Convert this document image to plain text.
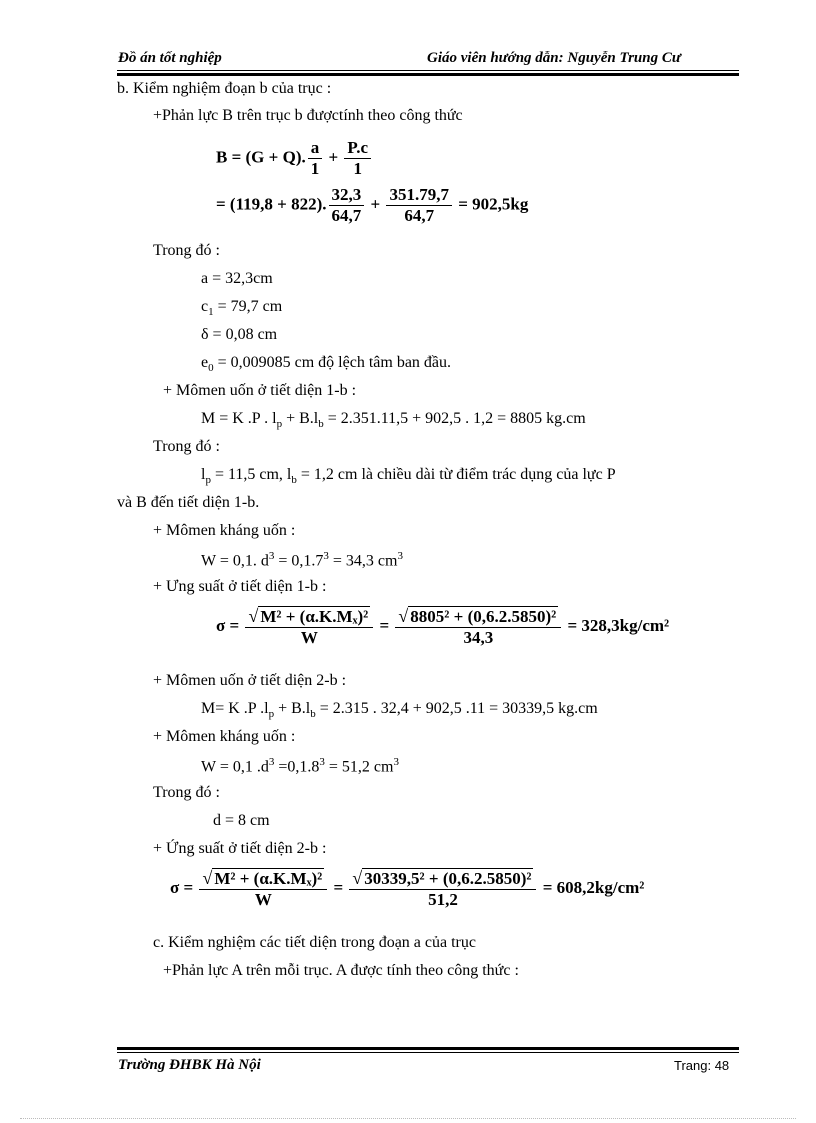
Đồ án tốt nghiệp	Giáo viên hướng dẫn: Nguyễn Trung Cư
b. Kiểm nghiệm đoạn b của trục :
+Phản lực B trên trục b đượctính theo công thức
B = (G + Q). $\frac{a}{1} + \frac{P.c}{1}$
= (119,8 + 822). $\frac{32,3}{64,7} + \frac{351.79,7}{64,7} = 902,5kg$
Trong đó :
a = 32,3cm
$c_1 = 79,7$ cm
δ = 0,08 cm
$e_0 = 0,009085$ cm độ lệch tâm ban đầu.
+ Mômen uốn ở tiết diện 1-b :
M = K .P . $l_p + B.l_b = 2.351.11,5 + 902,5$ . 1,2 = 8805 kg.cm
Trong đó :
$l_p = 11,5$ cm, $l_b = 1,2$ cm là chiều dài từ điểm trác dụng của lực P
và B đến tiết diện 1-b.
+ Mômen kháng uốn :
W = 0,1. $d^3 = 0,1.7^3 = 34,3$ $cm^3$
+ Ưng suất ở tiết diện 1-b :
$\sigma = \frac{\text{√ M² + (α.K.Mₓ)²}}{W} = \frac{\text{√ 8805² + (0,6.2.5850)²}}{34,3} = 328,3kg/cm^2$
+ Mômen uốn ở tiết diện 2-b :
M= K .P $.l_p + B.l_b = 2.315$ . 32,4 + 902,5 .11 = 30339,5 kg.cm
+ Mômen kháng uốn :
W = 0,1 $.d^3 =0,1.8^3 = 51,2$ $cm^3$
Trong đó :
d = 8 cm
+ Ứng suất ở tiết diện 2-b :
$\sigma = \frac{\text{√ M² + (α.K.Mₓ)²}}{W} = \frac{\text{√ 30339,5² + (0,6.2.5850)²}}{51,2} = 608,2kg/cm^2$
c. Kiểm nghiệm các tiết diện trong đoạn a của trục
+Phản lực A trên mỗi trục. A được tính theo công thức :
Trường ĐHBK Hà Nội	Trang: 48
